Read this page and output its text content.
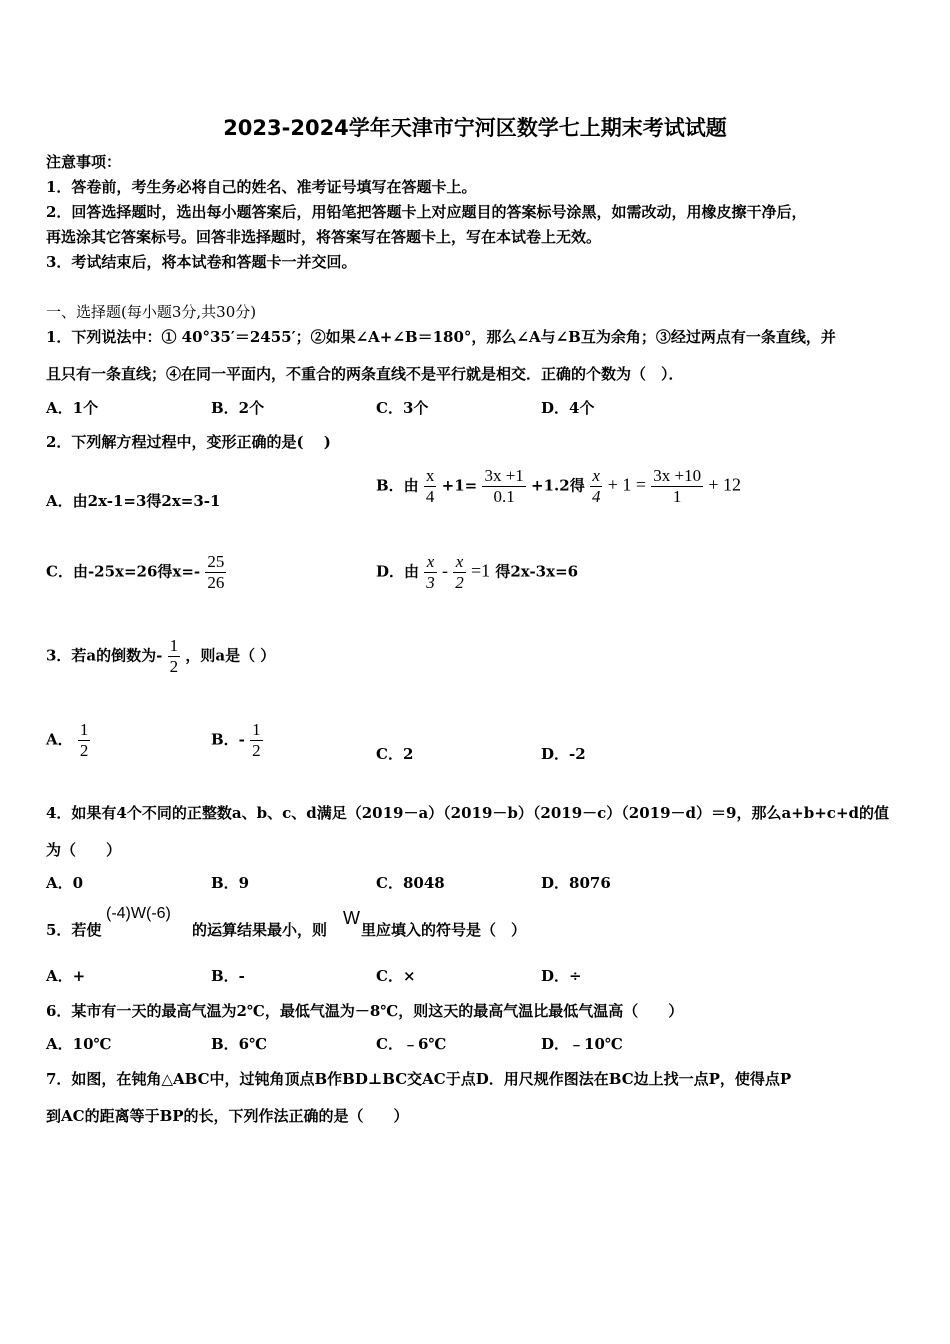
2023-2024学年天津市宁河区数学七上期末考试试题
注意事项：
1．答卷前，考生务必将自己的姓名、准考证号填写在答题卡上。
2．回答选择题时，选出每小题答案后，用铅笔把答题卡上对应题目的答案标号涂黑，如需改动，用橡皮擦干净后，
再选涂其它答案标号。回答非选择题时，将答案写在答题卡上，写在本试卷上无效。
3．考试结束后，将本试卷和答题卡一并交回。
一、选择题(每小题3分,共30分)
1．下列说法中：① 40°35′＝2455′；②如果∠A+∠B＝180°，那么∠A与∠B互为余角；③经过两点有一条直线，并
且只有一条直线；④在同一平面内，不重合的两条直线不是平行就是相交．正确的个数为（　）．
A．1个	B．2个	C．3个	D．4个
2．下列解方程过程中，变形正确的是(　 )
A．由2x-1=3得2x=3-1
B．由 $\frac{x}{4} +1= \frac{3x +1}{0.1} +1.2$得 $\frac{x}{4} + 1 = \frac{3x +10}{1} + 12$
C．由-25x=26得$x=- \frac{25}{26}$	D．由 $\frac{x}{3} - \frac{x}{2} =1$ 得2x-3x=6
3．若a的倒数为- $\frac{1}{2}$ ，则a是（ ）
A． $\frac{1}{2}$	B．- $\frac{1}{2}$	C．2	D．-2
4．如果有4个不同的正整数a、b、c、d满足（2019－a）（2019－b）（2019－c）（2019－d）＝9，那么a+b+c+d的值
为（　　）
A．0	B．9	C．8048	D．8076
5．若使
(-4)W(-6)
的运算结果最小，则
W
里应填入的符号是（　）
A．+	B．-	C．×	D．÷
6．某市有一天的最高气温为2℃，最低气温为－8℃，则这天的最高气温比最低气温高（　　）
A．10℃	B．6℃	C．﹣6℃	D．﹣10℃
7．如图，在钝角△ABC中，过钝角顶点B作BD⊥BC交AC于点D．用尺规作图法在BC边上找一点P，使得点P
到AC的距离等于BP的长，下列作法正确的是（　　）
